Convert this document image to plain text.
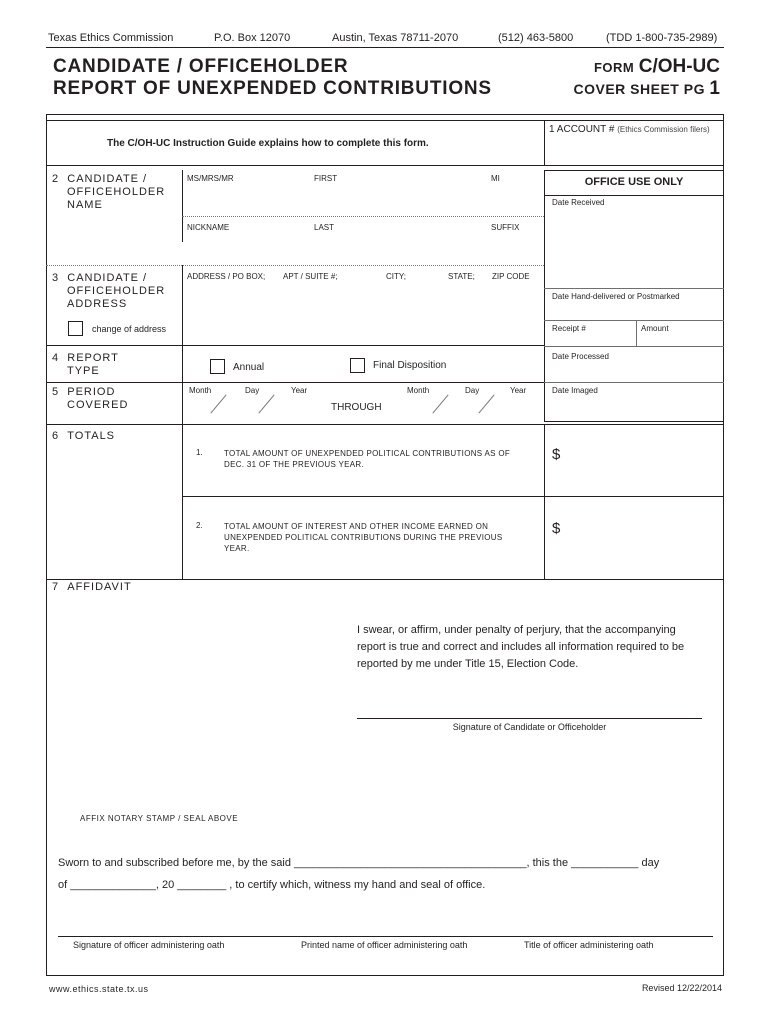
Texas Ethics Commission	P.O. Box 12070	Austin, Texas 78711-2070	(512) 463-5800	(TDD 1-800-735-2989)
CANDIDATE / OFFICEHOLDER
REPORT OF UNEXPENDED CONTRIBUTIONS
FORM C/OH-UC
COVER SHEET PG 1
1 ACCOUNT # (Ethics Commission filers)
The C/OH-UC Instruction Guide explains how to complete this form.
OFFICE USE ONLY
Date Received
Date Hand-delivered or Postmarked
Receipt #	Amount
Date Processed
Date Imaged
2 CANDIDATE /
OFFICEHOLDER
NAME
MS/MRS/MR	FIRST	MI
NICKNAME	LAST	SUFFIX
3 CANDIDATE /
OFFICEHOLDER
ADDRESS
ADDRESS / PO BOX; APT / SUITE #;	CITY;	STATE; ZIP CODE
change of address
4 REPORT
TYPE	Annual	Final Disposition
5 PERIOD
COVERED
Month	Day	Year
THROUGH
Month	Day	Year
6 TOTALS
1.	TOTAL AMOUNT OF UNEXPENDED POLITICAL CONTRIBUTIONS AS OF
DEC. 31 OF THE PREVIOUS YEAR.
$
2.	TOTAL AMOUNT OF INTEREST AND OTHER INCOME EARNED ON
UNEXPENDED POLITICAL CONTRIBUTIONS DURING THE PREVIOUS
YEAR.
$
7 AFFIDAVIT
I swear, or affirm, under penalty of perjury, that the accompanying
report is true and correct and includes all information required to be
reported by me under Title 15, Election Code.
Signature of Candidate or Officeholder
AFFIX NOTARY STAMP / SEAL ABOVE
Sworn to and subscribed before me, by the said ______________________________________, this the ___________ day
of ______________, 20 ________ , to certify which, witness my hand and seal of office.
Signature of officer administering oath	Printed name of officer administering oath	Title of officer administering oath
www.ethics.state.tx.us	Revised 12/22/2014
